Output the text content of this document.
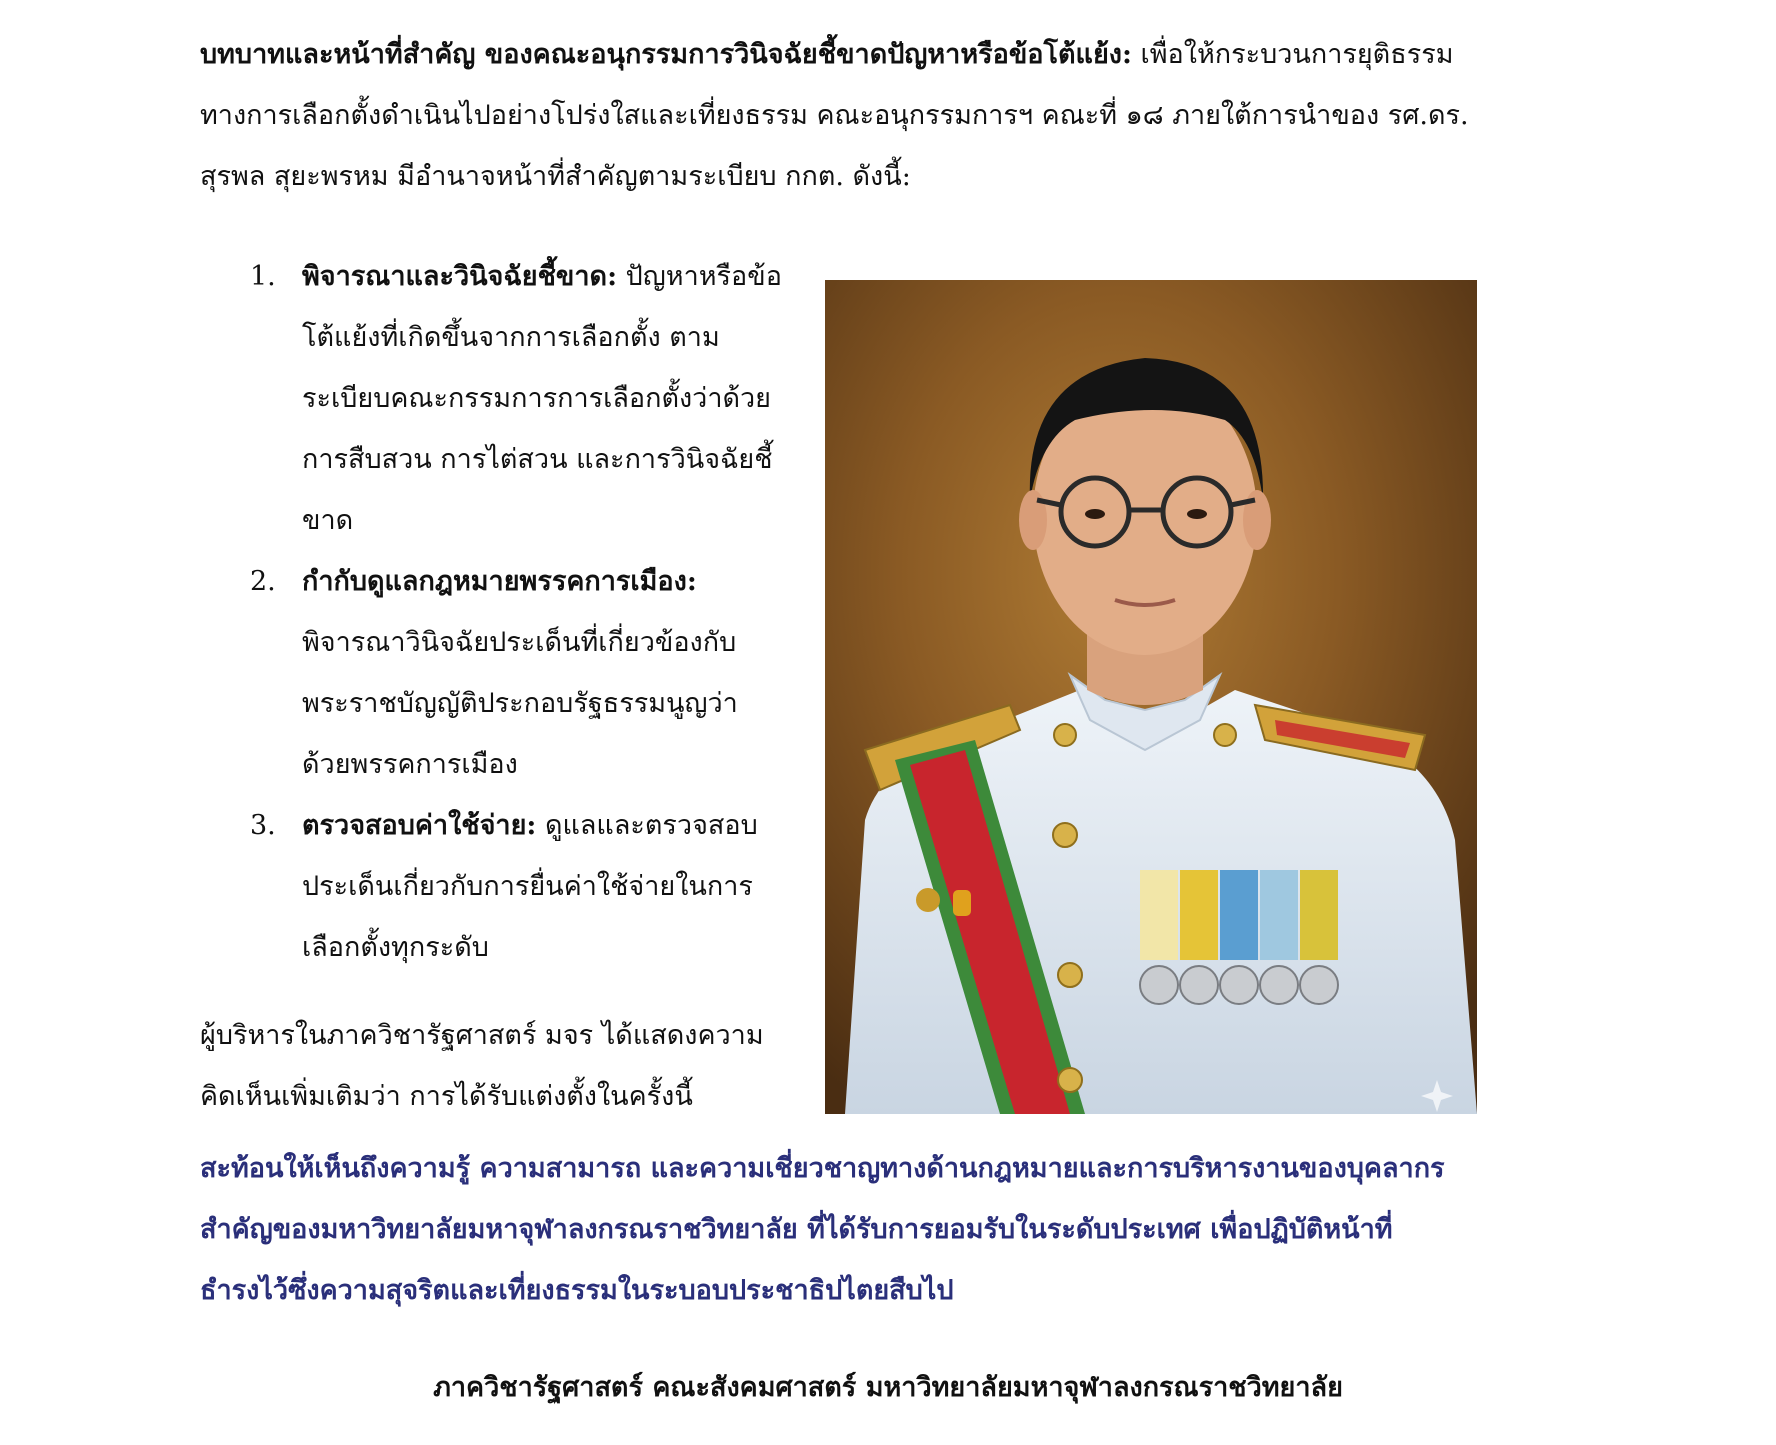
บทบาทและหน้าที่สำคัญ ของคณะอนุกรรมการวินิจฉัยชี้ขาดปัญหาหรือข้อโต้แย้ง: เพื่อให้กระบวนการยุติธรรม
ทางการเลือกตั้งดำเนินไปอย่างโปร่งใสและเที่ยงธรรม คณะอนุกรรมการฯ คณะที่ ๑๘ ภายใต้การนำของ รศ.ดร.
สุรพล สุยะพรหม มีอำนาจหน้าที่สำคัญตามระเบียบ กกต. ดังนี้:

1. พิจารณาและวินิจฉัยชี้ขาด: ปัญหาหรือข้อ
โต้แย้งที่เกิดขึ้นจากการเลือกตั้ง ตาม
ระเบียบคณะกรรมการการเลือกตั้งว่าด้วย
การสืบสวน การไต่สวน และการวินิจฉัยชี้
ขาด
2. กำกับดูแลกฎหมายพรรคการเมือง:
พิจารณาวินิจฉัยประเด็นที่เกี่ยวข้องกับ
พระราชบัญญัติประกอบรัฐธรรมนูญว่า
ด้วยพรรคการเมือง
3. ตรวจสอบค่าใช้จ่าย: ดูแลและตรวจสอบ
ประเด็นเกี่ยวกับการยื่นค่าใช้จ่ายในการ
เลือกตั้งทุกระดับ

ผู้บริหารในภาควิชารัฐศาสตร์ มจร ได้แสดงความ
คิดเห็นเพิ่มเติมว่า การได้รับแต่งตั้งในครั้งนี้

สะท้อนให้เห็นถึงความรู้ ความสามารถ และความเชี่ยวชาญทางด้านกฎหมายและการบริหารงานของบุคลากร
สำคัญของมหาวิทยาลัยมหาจุฬาลงกรณราชวิทยาลัย ที่ได้รับการยอมรับในระดับประเทศ เพื่อปฏิบัติหน้าที่
ธำรงไว้ซึ่งความสุจริตและเที่ยงธรรมในระบอบประชาธิปไตยสืบไป

ภาควิชารัฐศาสตร์ คณะสังคมศาสตร์ มหาวิทยาลัยมหาจุฬาลงกรณราชวิทยาลัย
